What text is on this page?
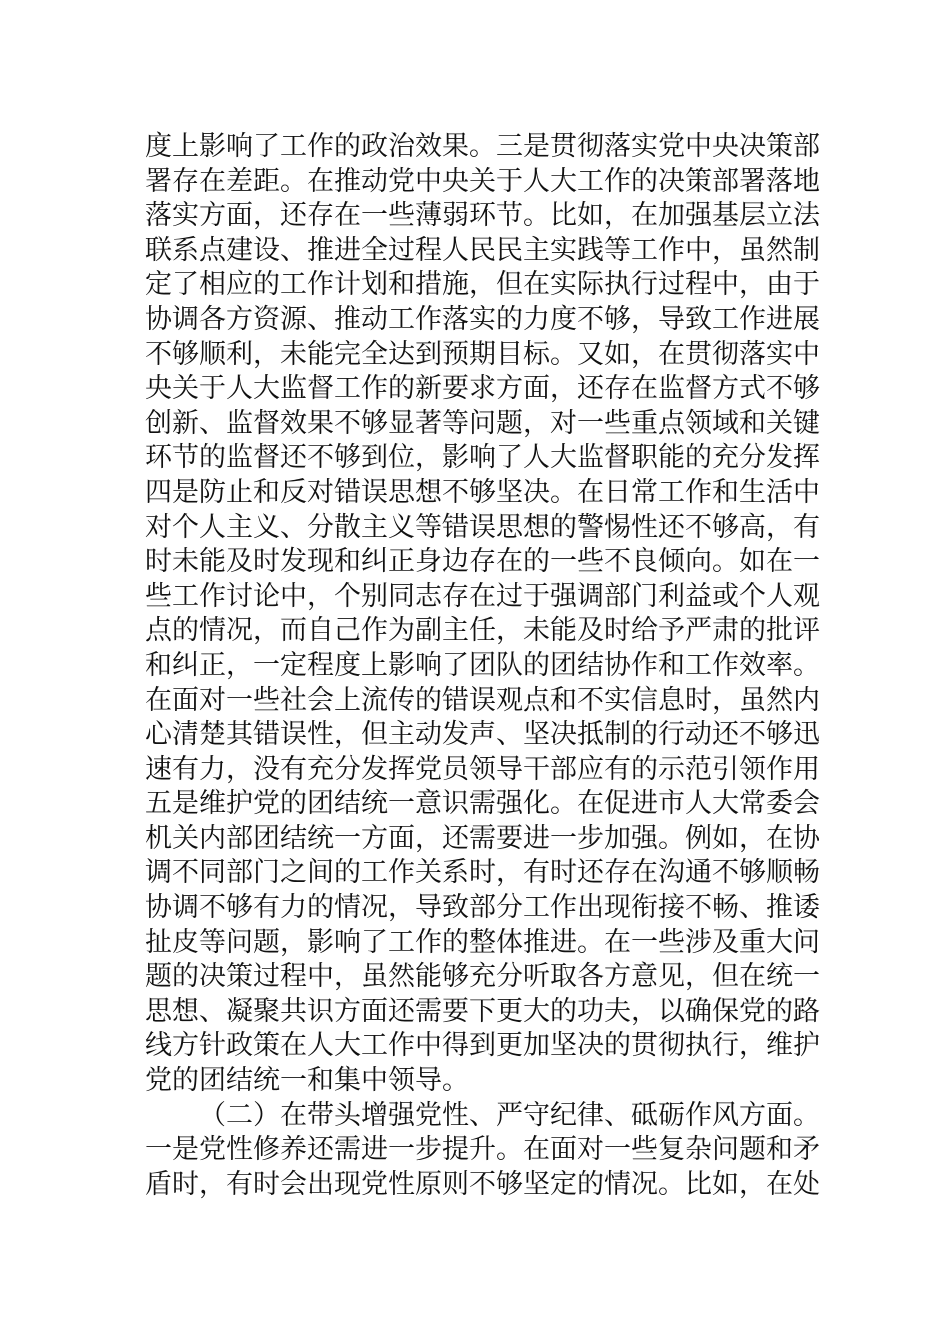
度上影响了工作的政治效果。三是贯彻落实党中央决策部
署存在差距。在推动党中央关于人大工作的决策部署落地
落实方面，还存在一些薄弱环节。比如，在加强基层立法
联系点建设、推进全过程人民民主实践等工作中，虽然制
定了相应的工作计划和措施，但在实际执行过程中，由于
协调各方资源、推动工作落实的力度不够，导致工作进展
不够顺利，未能完全达到预期目标。又如，在贯彻落实中
央关于人大监督工作的新要求方面，还存在监督方式不够
创新、监督效果不够显著等问题，对一些重点领域和关键
环节的监督还不够到位，影响了人大监督职能的充分发挥
四是防止和反对错误思想不够坚决。在日常工作和生活中
对个人主义、分散主义等错误思想的警惕性还不够高，有
时未能及时发现和纠正身边存在的一些不良倾向。如在一
些工作讨论中，个别同志存在过于强调部门利益或个人观
点的情况，而自己作为副主任，未能及时给予严肃的批评
和纠正，一定程度上影响了团队的团结协作和工作效率。
在面对一些社会上流传的错误观点和不实信息时，虽然内
心清楚其错误性，但主动发声、坚决抵制的行动还不够迅
速有力，没有充分发挥党员领导干部应有的示范引领作用
五是维护党的团结统一意识需强化。在促进市人大常委会
机关内部团结统一方面，还需要进一步加强。例如，在协
调不同部门之间的工作关系时，有时还存在沟通不够顺畅
协调不够有力的情况，导致部分工作出现衔接不畅、推诿
扯皮等问题，影响了工作的整体推进。在一些涉及重大问
题的决策过程中，虽然能够充分听取各方意见，但在统一
思想、凝聚共识方面还需要下更大的功夫，以确保党的路
线方针政策在人大工作中得到更加坚决的贯彻执行，维护
党的团结统一和集中领导。
（二）在带头增强党性、严守纪律、砥砺作风方面。
一是党性修养还需进一步提升。在面对一些复杂问题和矛
盾时，有时会出现党性原则不够坚定的情况。比如，在处
